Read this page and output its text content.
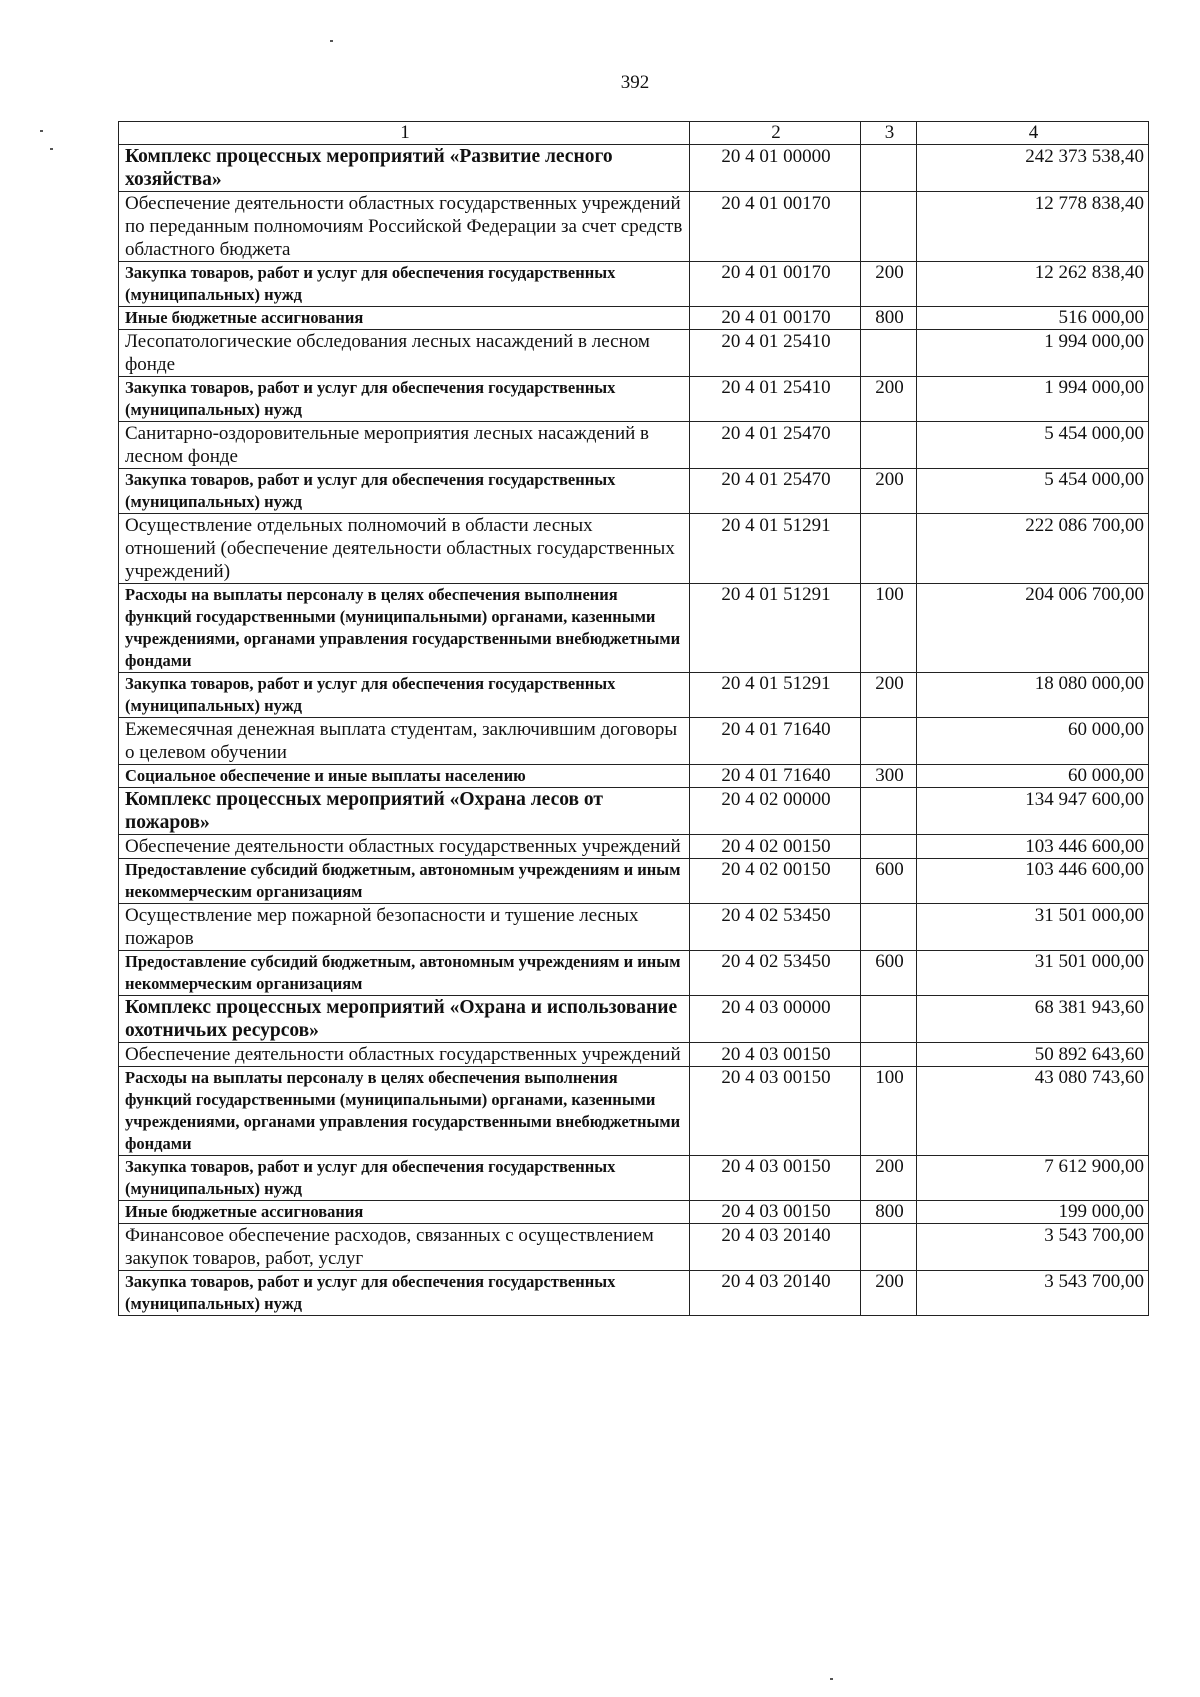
392
1	2	3	4
Комплекс процессных мероприятий «Развитие лесного хозяйства»	20 4 01 00000		242 373 538,40
Обеспечение деятельности областных государственных учреждений по переданным полномочиям Российской Федерации за счет средств областного бюджета	20 4 01 00170		12 778 838,40
Закупка товаров, работ и услуг для обеспечения государственных (муниципальных) нужд	20 4 01 00170	200	12 262 838,40
Иные бюджетные ассигнования	20 4 01 00170	800	516 000,00
Лесопатологические обследования лесных насаждений в лесном фонде	20 4 01 25410		1 994 000,00
Закупка товаров, работ и услуг для обеспечения государственных (муниципальных) нужд	20 4 01 25410	200	1 994 000,00
Санитарно-оздоровительные мероприятия лесных насаждений в лесном фонде	20 4 01 25470		5 454 000,00
Закупка товаров, работ и услуг для обеспечения государственных (муниципальных) нужд	20 4 01 25470	200	5 454 000,00
Осуществление отдельных полномочий в области лесных отношений (обеспечение деятельности областных государственных учреждений)	20 4 01 51291		222 086 700,00
Расходы на выплаты персоналу в целях обеспечения выполнения функций государственными (муниципальными) органами, казенными учреждениями, органами управления государственными внебюджетными фондами	20 4 01 51291	100	204 006 700,00
Закупка товаров, работ и услуг для обеспечения государственных (муниципальных) нужд	20 4 01 51291	200	18 080 000,00
Ежемесячная денежная выплата студентам, заключившим договоры о целевом обучении	20 4 01 71640		60 000,00
Социальное обеспечение и иные выплаты населению	20 4 01 71640	300	60 000,00
Комплекс процессных мероприятий «Охрана лесов от пожаров»	20 4 02 00000		134 947 600,00
Обеспечение деятельности областных государственных учреждений	20 4 02 00150		103 446 600,00
Предоставление субсидий бюджетным, автономным учреждениям и иным некоммерческим организациям	20 4 02 00150	600	103 446 600,00
Осуществление мер пожарной безопасности и тушение лесных пожаров	20 4 02 53450		31 501 000,00
Предоставление субсидий бюджетным, автономным учреждениям и иным некоммерческим организациям	20 4 02 53450	600	31 501 000,00
Комплекс процессных мероприятий «Охрана и использование охотничьих ресурсов»	20 4 03 00000		68 381 943,60
Обеспечение деятельности областных государственных учреждений	20 4 03 00150		50 892 643,60
Расходы на выплаты персоналу в целях обеспечения выполнения функций государственными (муниципальными) органами, казенными учреждениями, органами управления государственными внебюджетными фондами	20 4 03 00150	100	43 080 743,60
Закупка товаров, работ и услуг для обеспечения государственных (муниципальных) нужд	20 4 03 00150	200	7 612 900,00
Иные бюджетные ассигнования	20 4 03 00150	800	199 000,00
Финансовое обеспечение расходов, связанных с осуществлением закупок товаров, работ, услуг	20 4 03 20140		3 543 700,00
Закупка товаров, работ и услуг для обеспечения государственных (муниципальных) нужд	20 4 03 20140	200	3 543 700,00
